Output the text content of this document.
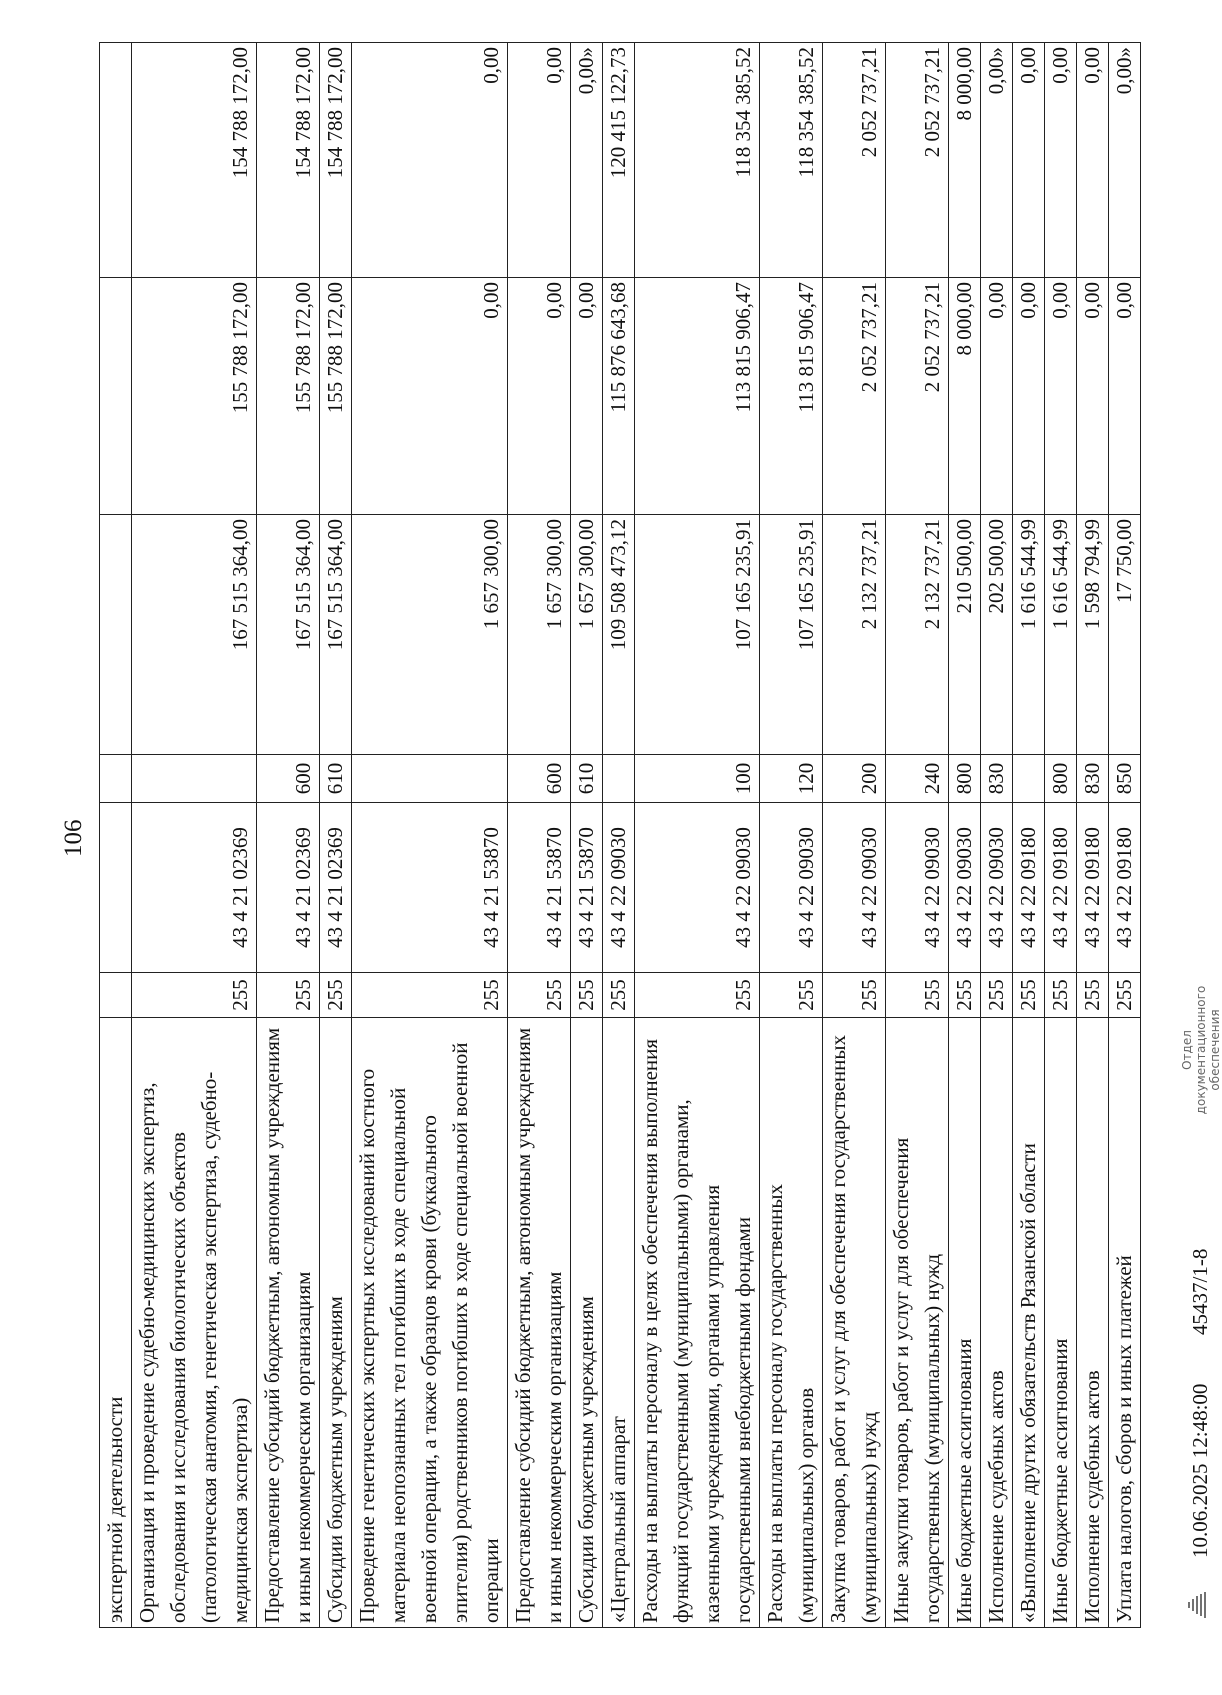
106
экспертной деятельности						
Организация и проведение судебно-медицинских экспертиз, обследования и исследования биологических объектов (патологическая анатомия, генетическая экспертиза, судебно-медицинская экспертиза)	255	43 4 21 02369		167 515 364,00	155 788 172,00	154 788 172,00
Предоставление субсидий бюджетным, автономным учреждениям и иным некоммерческим организациям	255	43 4 21 02369	600	167 515 364,00	155 788 172,00	154 788 172,00
Субсидии бюджетным учреждениям	255	43 4 21 02369	610	167 515 364,00	155 788 172,00	154 788 172,00
Проведение генетических экспертных исследований костного материала неопознанных тел погибших в ходе специальной военной операции, а также образцов крови (буккального эпителия) родственников погибших в ходе специальной военной операции	255	43 4 21 53870		1 657 300,00	0,00	0,00
Предоставление субсидий бюджетным, автономным учреждениям и иным некоммерческим организациям	255	43 4 21 53870	600	1 657 300,00	0,00	0,00
Субсидии бюджетным учреждениям	255	43 4 21 53870	610	1 657 300,00	0,00	0,00»
«Центральный аппарат	255	43 4 22 09030		109 508 473,12	115 876 643,68	120 415 122,73
Расходы на выплаты персоналу в целях обеспечения выполнения функций государственными (муниципальными) органами, казенными учреждениями, органами управления государственными внебюджетными фондами	255	43 4 22 09030	100	107 165 235,91	113 815 906,47	118 354 385,52
Расходы на выплаты персоналу государственных (муниципальных) органов	255	43 4 22 09030	120	107 165 235,91	113 815 906,47	118 354 385,52
Закупка товаров, работ и услуг для обеспечения государственных (муниципальных) нужд	255	43 4 22 09030	200	2 132 737,21	2 052 737,21	2 052 737,21
Иные закупки товаров, работ и услуг для обеспечения государственных (муниципальных) нужд	255	43 4 22 09030	240	2 132 737,21	2 052 737,21	2 052 737,21
Иные бюджетные ассигнования	255	43 4 22 09030	800	210 500,00	8 000,00	8 000,00
Исполнение судебных актов	255	43 4 22 09030	830	202 500,00	0,00	0,00»
«Выполнение других обязательств Рязанской области	255	43 4 22 09180		1 616 544,99	0,00	0,00
Иные бюджетные ассигнования	255	43 4 22 09180	800	1 616 544,99	0,00	0,00
Исполнение судебных актов	255	43 4 22 09180	830	1 598 794,99	0,00	0,00
Уплата налогов, сборов и иных платежей	255	43 4 22 09180	850	17 750,00	0,00	0,00»
10.06.2025 12:48:00
45437/1-8
Отдел документационного обеспечения
